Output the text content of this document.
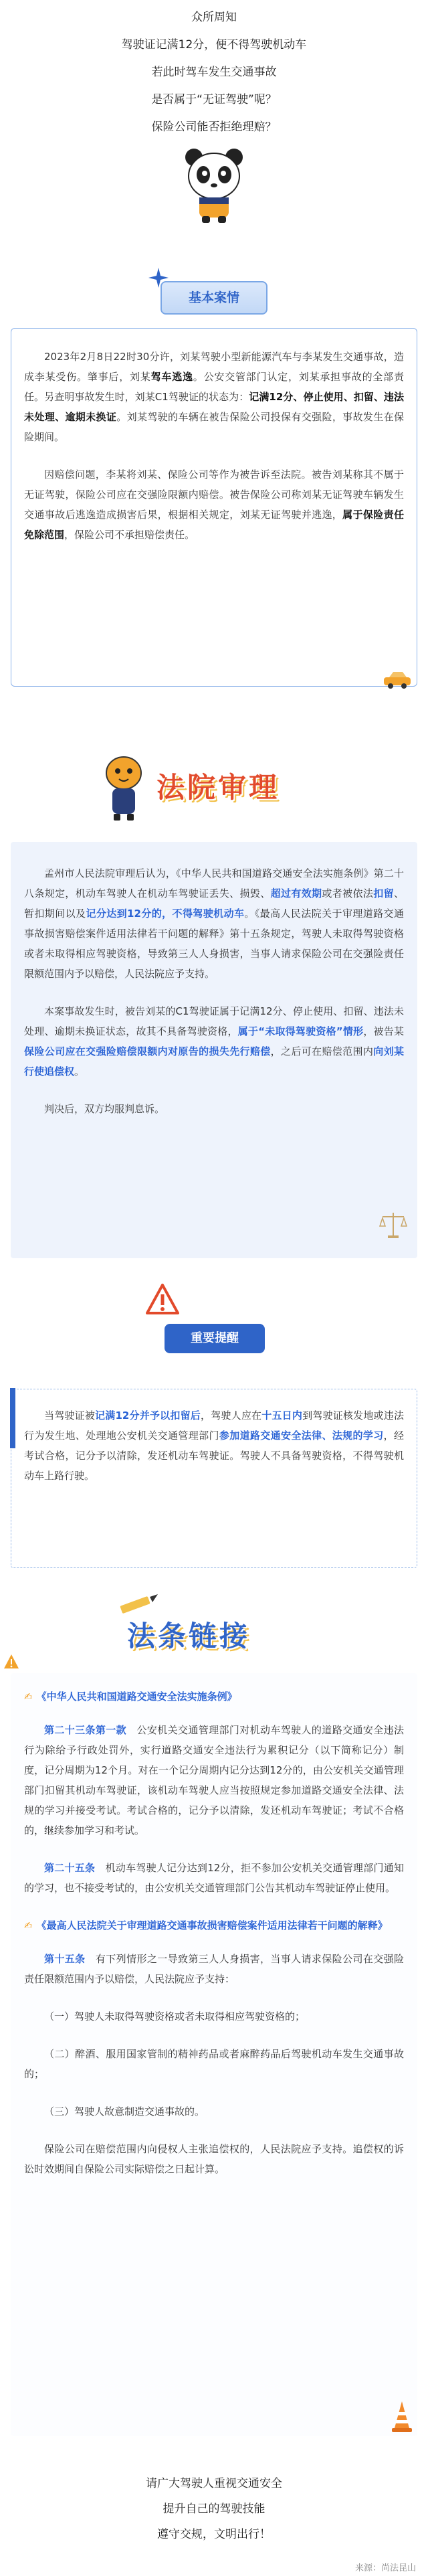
众所周知

驾驶证记满12分，便不得驾驶机动车

若此时驾车发生交通事故

是否属于“无证驾驶”呢？

保险公司能否拒绝理赔？

基本案情

2023年2月8日22时30分许，刘某驾驶小型新能源汽车与李某发生交通事故，造成李某受伤。肇事后，刘某驾车逃逸。公安交管部门认定，刘某承担事故的全部责任。另查明事故发生时，刘某C1驾驶证的状态为：记满12分、停止使用、扣留、违法未处理、逾期未换证。刘某驾驶的车辆在被告保险公司投保有交强险，事故发生在保险期间。

因赔偿问题，李某将刘某、保险公司等作为被告诉至法院。被告刘某称其不属于无证驾驶，保险公司应在交强险限额内赔偿。被告保险公司称刘某无证驾驶车辆发生交通事故后逃逸造成损害后果，根据相关规定，刘某无证驾驶并逃逸，属于保险责任免除范围，保险公司不承担赔偿责任。

法院审理

孟州市人民法院审理后认为，《中华人民共和国道路交通安全法实施条例》第二十八条规定，机动车驾驶人在机动车驾驶证丢失、损毁、超过有效期或者被依法扣留、暂扣期间以及记分达到12分的，不得驾驶机动车。《最高人民法院关于审理道路交通事故损害赔偿案件适用法律若干问题的解释》第十五条规定，驾驶人未取得驾驶资格或者未取得相应驾驶资格，导致第三人人身损害，当事人请求保险公司在交强险责任限额范围内予以赔偿，人民法院应予支持。

本案事故发生时，被告刘某的C1驾驶证属于记满12分、停止使用、扣留、违法未处理、逾期未换证状态，故其不具备驾驶资格，属于“未取得驾驶资格”情形，被告某保险公司应在交强险赔偿限额内对原告的损失先行赔偿，之后可在赔偿范围内向刘某行使追偿权。

判决后，双方均服判息诉。

重要提醒

当驾驶证被记满12分并予以扣留后，驾驶人应在十五日内到驾驶证核发地或违法行为发生地、处理地公安机关交通管理部门参加道路交通安全法律、法规的学习，经考试合格，记分予以清除，发还机动车驾驶证。驾驶人不具备驾驶资格，不得驾驶机动车上路行驶。

法条链接
✍ 《中华人民共和国道路交通安全法实施条例》

第二十三条第一款　 公安机关交通管理部门对机动车驾驶人的道路交通安全违法行为除给予行政处罚外，实行道路交通安全违法行为累积记分（以下简称记分）制度，记分周期为12个月。对在一个记分周期内记分达到12分的，由公安机关交通管理部门扣留其机动车驾驶证，该机动车驾驶人应当按照规定参加道路交通安全法律、法规的学习并接受考试。考试合格的，记分予以清除，发还机动车驾驶证；考试不合格的，继续参加学习和考试。

第二十五条　 机动车驾驶人记分达到12分，拒不参加公安机关交通管理部门通知的学习，也不接受考试的，由公安机关交通管理部门公告其机动车驾驶证停止使用。

✍ 《最高人民法院关于审理道路交通事故损害赔偿案件适用法律若干问题的解释》

第十五条　 有下列情形之一导致第三人人身损害，当事人请求保险公司在交强险责任限额范围内予以赔偿，人民法院应予支持：

（一）驾驶人未取得驾驶资格或者未取得相应驾驶资格的；

（二）醉酒、服用国家管制的精神药品或者麻醉药品后驾驶机动车发生交通事故的；

（三）驾驶人故意制造交通事故的。

保险公司在赔偿范围内向侵权人主张追偿权的，人民法院应予支持。追偿权的诉讼时效期间自保险公司实际赔偿之日起计算。

请广大驾驶人重视交通安全

提升自己的驾驶技能

遵守交规，文明出行！

来源：尚法昆山
